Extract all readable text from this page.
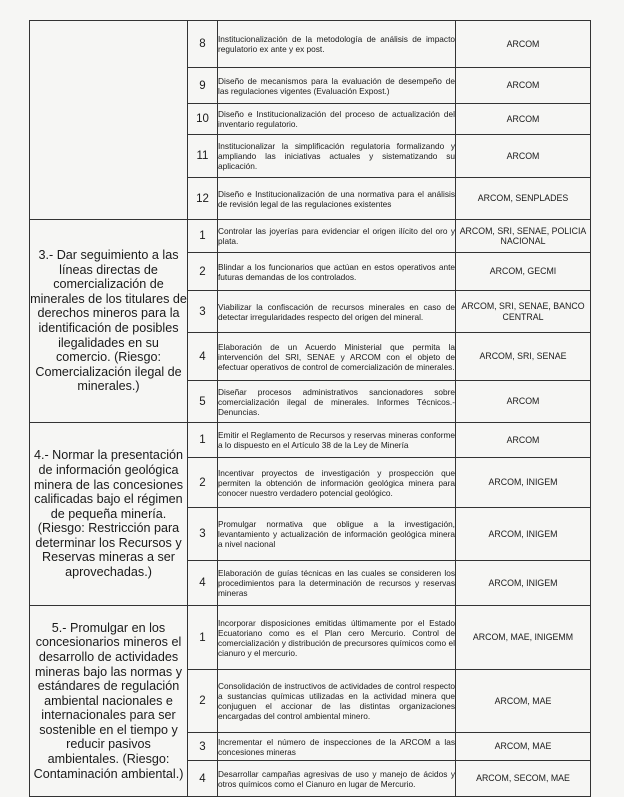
	8	Institucionalización de la metodología de análisis de impacto regulatorio ex ante y ex post.	ARCOM
	9	Diseño de mecanismos para la evaluación de desempeño de las regulaciones vigentes (Evaluación Expost.)	ARCOM
	10	Diseño e Institucionalización del proceso de actualización del inventario regulatorio.	ARCOM
	11	Institucionalizar la simplificación regulatoria formalizando y ampliando las iniciativas actuales y sistematizando su aplicación.	ARCOM
	12	Diseño e Institucionalización de una normativa para el análisis de revisión legal de las regulaciones existentes	ARCOM, SENPLADES
3.- Dar seguimiento a las líneas directas de comercialización de minerales de los titulares de derechos mineros para la identificación de posibles ilegalidades en su comercio. (Riesgo: Comercialización ilegal de minerales.)	1	Controlar las joyerías para evidenciar el origen ilícito del oro y plata.	ARCOM, SRI, SENAE, POLICIA NACIONAL
	2	Blindar a los funcionarios que actúan en estos operativos ante futuras demandas de los controlados.	ARCOM, GECMI
	3	Viabilizar la confiscación de recursos minerales en caso de detectar irregularidades respecto del origen del mineral.	ARCOM, SRI, SENAE, BANCO CENTRAL
	4	Elaboración de un Acuerdo Ministerial que permita la intervención del SRI, SENAE y ARCOM con el objeto de efectuar operativos de control de comercialización de minerales.	ARCOM, SRI, SENAE
	5	Diseñar procesos administrativos sancionadores sobre comercialización ilegal de minerales. Informes Técnicos.- Denuncias.	ARCOM
4.- Normar la presentación de información geológica minera de las concesiones calificadas bajo el régimen de pequeña minería. (Riesgo: Restricción para determinar los Recursos y Reservas mineras a ser aprovechadas.)	1	Emitir el Reglamento de Recursos y reservas mineras conforme a lo dispuesto en el Artículo 38 de la Ley de Minería	ARCOM
	2	Incentivar proyectos de investigación y prospección que permiten la obtención de información geológica minera para conocer nuestro verdadero potencial geológico.	ARCOM, INIGEM
	3	Promulgar normativa que obligue a la investigación, levantamiento y actualización de información geológica minera a nivel nacional	ARCOM, INIGEM
	4	Elaboración de guías técnicas en las cuales se consideren los procedimientos para la determinación de recursos y reservas mineras	ARCOM, INIGEM
5.- Promulgar en los concesionarios mineros el desarrollo de actividades mineras bajo las normas y estándares de regulación ambiental nacionales e internacionales para ser sostenible en el tiempo y reducir pasivos ambientales. (Riesgo: Contaminación ambiental.)	1	Incorporar disposiciones emitidas últimamente por el Estado Ecuatoriano como es el Plan cero Mercurio. Control de comercialización y distribución de precursores químicos como el cianuro y el mercurio.	ARCOM, MAE, INIGEMM
	2	Consolidación de instructivos de actividades de control respecto a sustancias químicas utilizadas en la actividad minera que conjuguen el accionar de las distintas organizaciones encargadas del control ambiental minero.	ARCOM, MAE
	3	Incrementar el número de inspecciones de la ARCOM a las concesiones mineras	ARCOM, MAE
	4	Desarrollar campañas agresivas de uso y manejo de ácidos y otros químicos como el Cianuro en lugar de Mercurio.	ARCOM, SECOM, MAE
